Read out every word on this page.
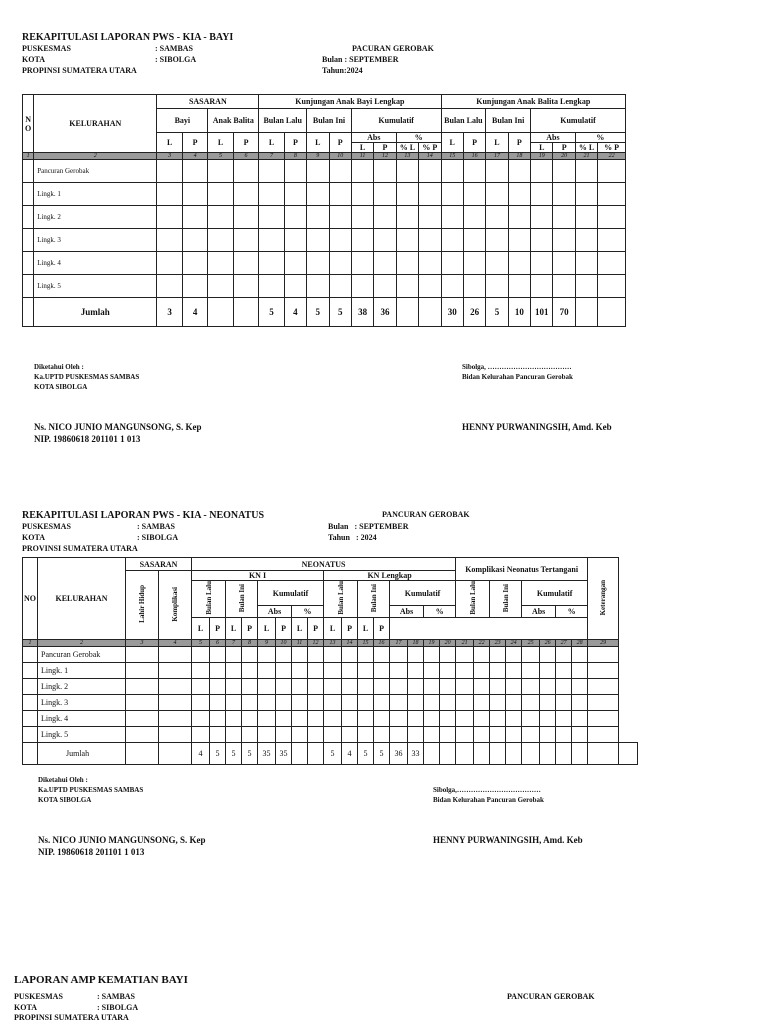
REKAPITULASI LAPORAN PWS - KIA - BAYI
PUSKESMAS	: SAMBAS
KOTA	: SIBOLGA
PROPINSI SUMATERA UTARA
PACURAN GEROBAK
Bulan : SEPTEMBER
Tahun:2024
N O	KELURAHAN	SASARAN				Kunjungan Anak Bayi Lengkap								Kunjungan Anak Balita Lengkap							
		Bayi		Anak Balita		Bulan Lalu		Bulan Ini		Kumulatif				Bulan Lalu		Bulan Ini		Kumulatif			
		L	P	L	P	L	P	L	P	Abs		%		L	P	L	P	Abs		%	
										L	P	% L	% P					L	P	% L	% P
1	2	3	4	5	6	7	8	9	10	11	12	13	14	15	16	17	18	19	20	21	22
	Pancuran Gerobak																				
	Lingk. 1																				
	Lingk. 2																				
	Lingk. 3																				
	Lingk. 4																				
	Lingk. 5																				
	Jumlah	3	4			5	4	5	5	38	36			30	26	5	10	101	70		
Diketahui Oleh :
Ka.UPTD PUSKESMAS SAMBAS
KOTA SIBOLGA
Sibolga, ………………………………
Bidan Kelurahan Pancuran Gerobak
Ns. NICO JUNIO MANGUNSONG, S. Kep
NIP. 19860618 201101 1 013
HENNY PURWANINGSIH, Amd. Keb
REKAPITULASI LAPORAN PWS - KIA - NEONATUS
PUSKESMAS	: SAMBAS
KOTA	: SIBOLGA
PROVINSI SUMATERA UTARA
PANCURAN GEROBAK
Bulan   : SEPTEMBER
Tahun   : 2024
NO	KELURAHAN	SASARAN		NEONATUS																Komplikasi Neonatus Tertangani								Keterangan	
		Lahir Hidup	Komplikasi	KN I								KN Lengkap																	
				Bulan Lalu		Bulan Ini		Kumulatif				Bulan Lalu		Bulan Ini		Kumulatif				Bulan Lalu		Bulan Ini		Kumulatif					
								Abs		%						Abs		%						Abs		%			
				L	P	L	P	L	P	L	P	L	P	L	P														
1	2	3	4	5	6	7	8	9	10	11	12	13	14	15	16	17	18	19	20	21	22	23	24	25	26	27	28	29	
	Pancuran Gerobak																												
	Lingk. 1																												
	Lingk. 2																												
	Lingk. 3																												
	Lingk. 4																												
	Lingk. 5																												
	Jumlah			4	5	5	5	35	35			5	4	5	5	36	33												
Diketahui Oleh :
Ka.UPTD PUSKESMAS SAMBAS
KOTA SIBOLGA
Sibolga,………………………………
Bidan Kelurahan Pancuran Gerobak
Ns. NICO JUNIO MANGUNSONG, S. Kep
NIP. 19860618 201101 1 013
HENNY PURWANINGSIH, Amd. Keb
LAPORAN AMP KEMATIAN BAYI
PUSKESMAS	: SAMBAS
KOTA	: SIBOLGA
PROPINSI SUMATERA UTARA
PANCURAN GEROBAK
